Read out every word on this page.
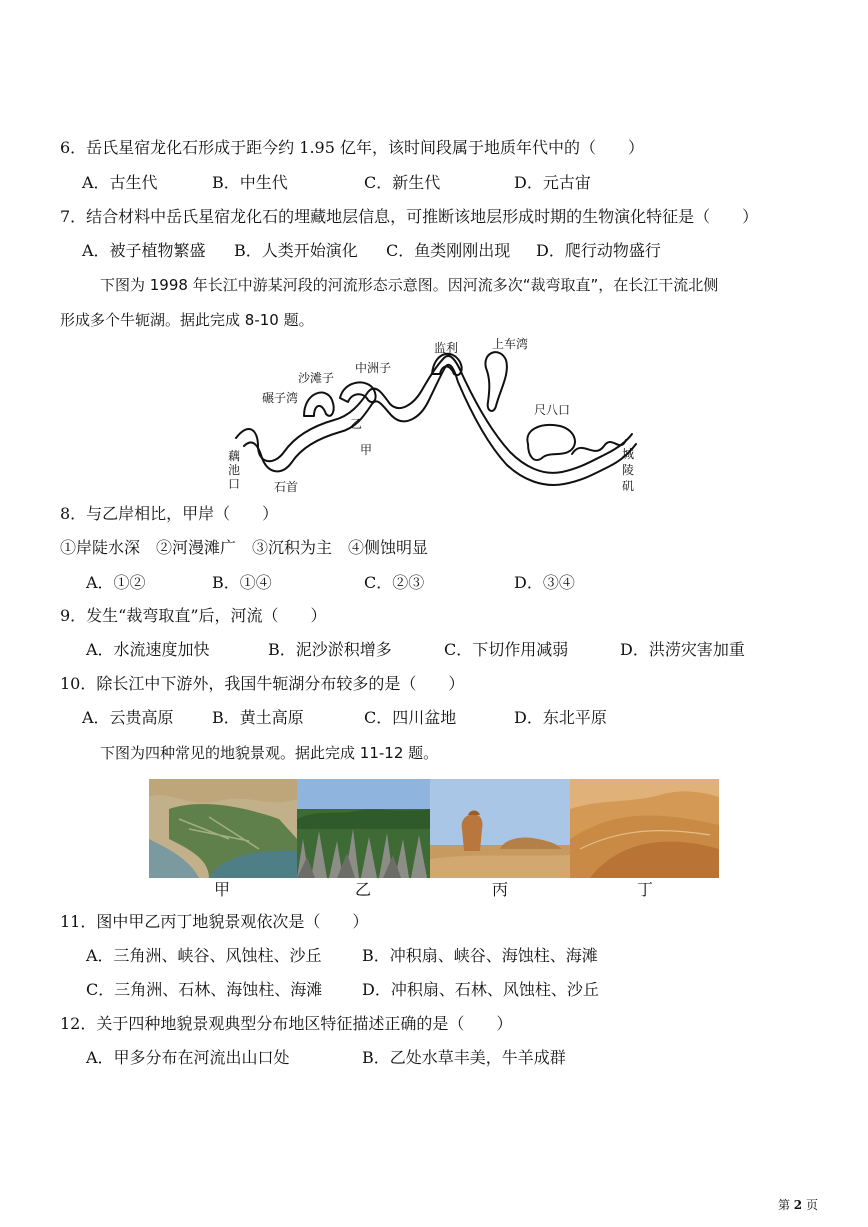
6．岳氏星宿龙化石形成于距今约 1.95 亿年，该时间段属于地质年代中的（　　）
A．古生代	B．中生代	C．新生代	D．元古宙
7．结合材料中岳氏星宿龙化石的埋藏地层信息，可推断该地层形成时期的生物演化特征是（　　）
A．被子植物繁盛 B．人类开始演化 C．鱼类刚刚出现 D．爬行动物盛行
下图为 1998 年长江中游某河段的河流形态示意图。因河流多次“裁弯取直”，在长江干流北侧
形成多个牛轭湖。据此完成 8-10 题。
监利	上车湾
中洲子
沙滩子
碾子湾
乙
甲
尺八口
藕
池
口	石首
城
陵
矶
8．与乙岸相比，甲岸（　　）
①岸陡水深　②河漫滩广　③沉积为主　④侧蚀明显
A．①②	B．①④	C．②③	D．③④
9．发生“裁弯取直”后，河流（　　）
A．水流速度加快	B．泥沙淤积增多	C．下切作用减弱	D．洪涝灾害加重
10．除长江中下游外，我国牛轭湖分布较多的是（　　）
A．云贵高原 B．黄土高原	C．四川盆地	D．东北平原
下图为四种常见的地貌景观。据此完成 11-12 题。
甲	乙	丙	丁
11．图中甲乙丙丁地貌景观依次是（　　）
A．三角洲、峡谷、风蚀柱、沙丘	B．冲积扇、峡谷、海蚀柱、海滩
C．三角洲、石林、海蚀柱、海滩 D．冲积扇、石林、风蚀柱、沙丘
12．关于四种地貌景观典型分布地区特征描述正确的是（　　）
A．甲多分布在河流出山口处	B．乙处水草丰美，牛羊成群
第 2 页
